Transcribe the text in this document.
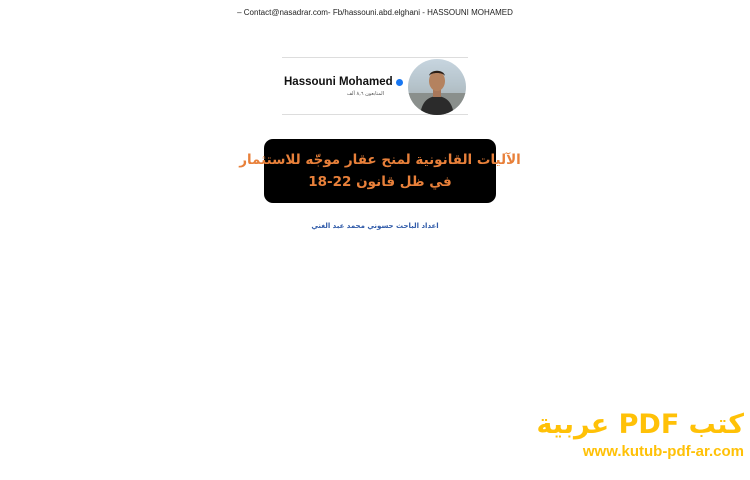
– Contact@nasadrar.com- Fb/hassouni.abd.elghani - HASSOUNI MOHAMED
Hassouni Mohamed
المتابعون ٨,٦ ألف
الآليات القانونية لمنح عقار موجّه للاستثمار
في ظل قانون 22-18
اعداد الباحث حسوني محمد عبد الغني
كتب PDF عربية
www.kutub-pdf-ar.com
